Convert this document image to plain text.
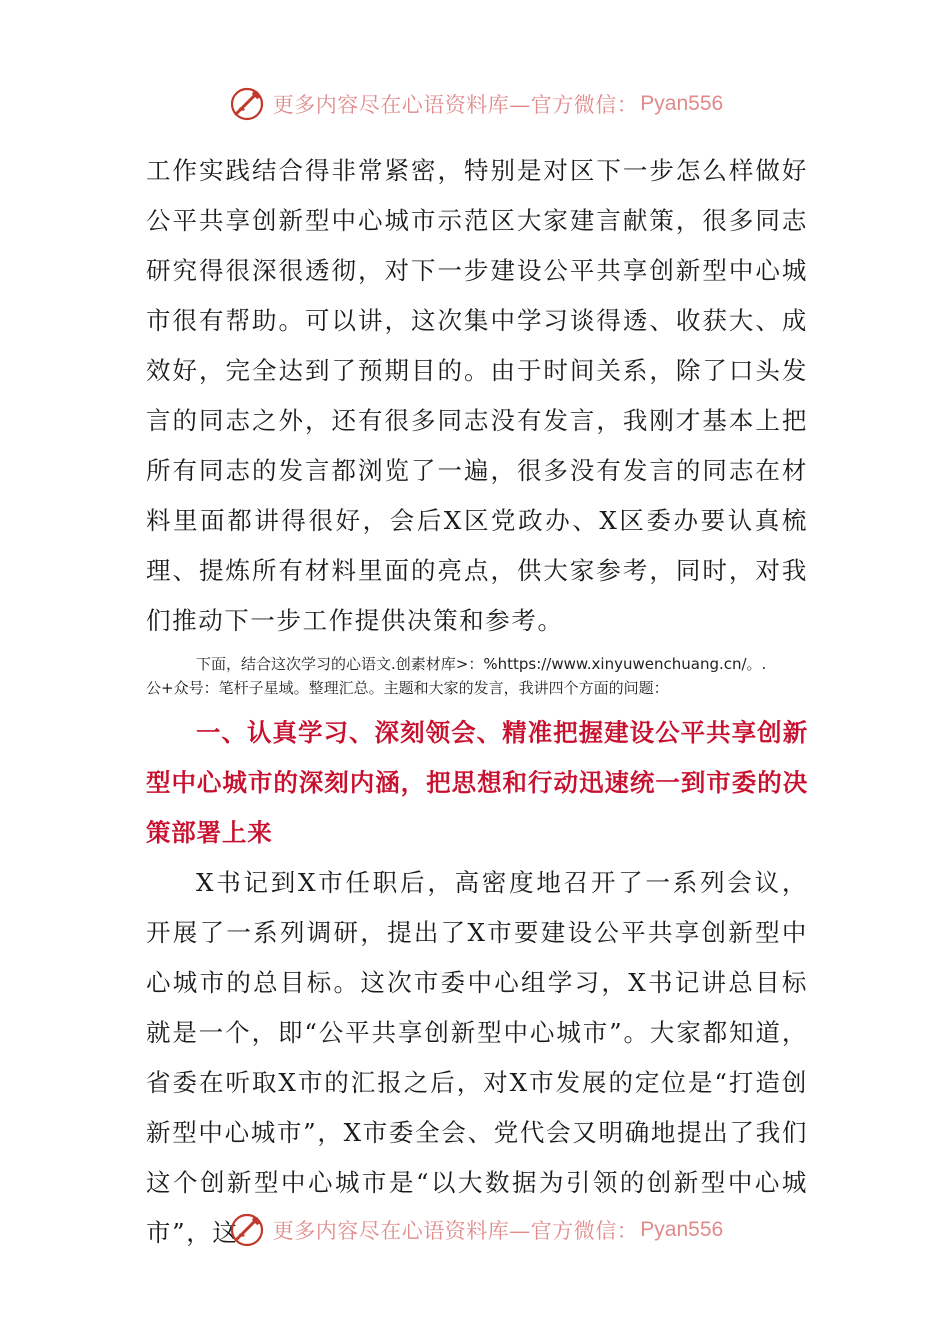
更多内容尽在心语资料库—官方微信： Pyan556

工作实践结合得非常紧密，特别是对区下一步怎么样做好公平共享创新型中心城市示范区大家建言献策，很多同志研究得很深很透彻，对下一步建设公平共享创新型中心城市很有帮助。可以讲，这次集中学习谈得透、收获大、成效好，完全达到了预期目的。由于时间关系，除了口头发言的同志之外，还有很多同志没有发言，我刚才基本上把所有同志的发言都浏览了一遍，很多没有发言的同志在材料里面都讲得很好，会后X区党政办、X区委办要认真梳理、提炼所有材料里面的亮点，供大家参考，同时，对我们推动下一步工作提供决策和参考。

下面，结合这次学习的心语文.创素材库>：%https://www.xinyuwenchuang.cn/。.
公+众号：笔杆子星域。整理汇总。主题和大家的发言，我讲四个方面的问题：

一、认真学习、深刻领会、精准把握建设公平共享创新型中心城市的深刻内涵，把思想和行动迅速统一到市委的决策部署上来

X书记到X市任职后，高密度地召开了一系列会议，开展了一系列调研，提出了X市要建设公平共享创新型中心城市的总目标。这次市委中心组学习，X书记讲总目标就是一个，即“公平共享创新型中心城市”。大家都知道，省委在听取X市的汇报之后，对X市发展的定位是“打造创新型中心城市”，X市委全会、党代会又明确地提出了我们这个创新型中心城市是“以大数据为引领的创新型中心城市”，这	更多内容尽在心语资料库—官方微信： Pyan556
